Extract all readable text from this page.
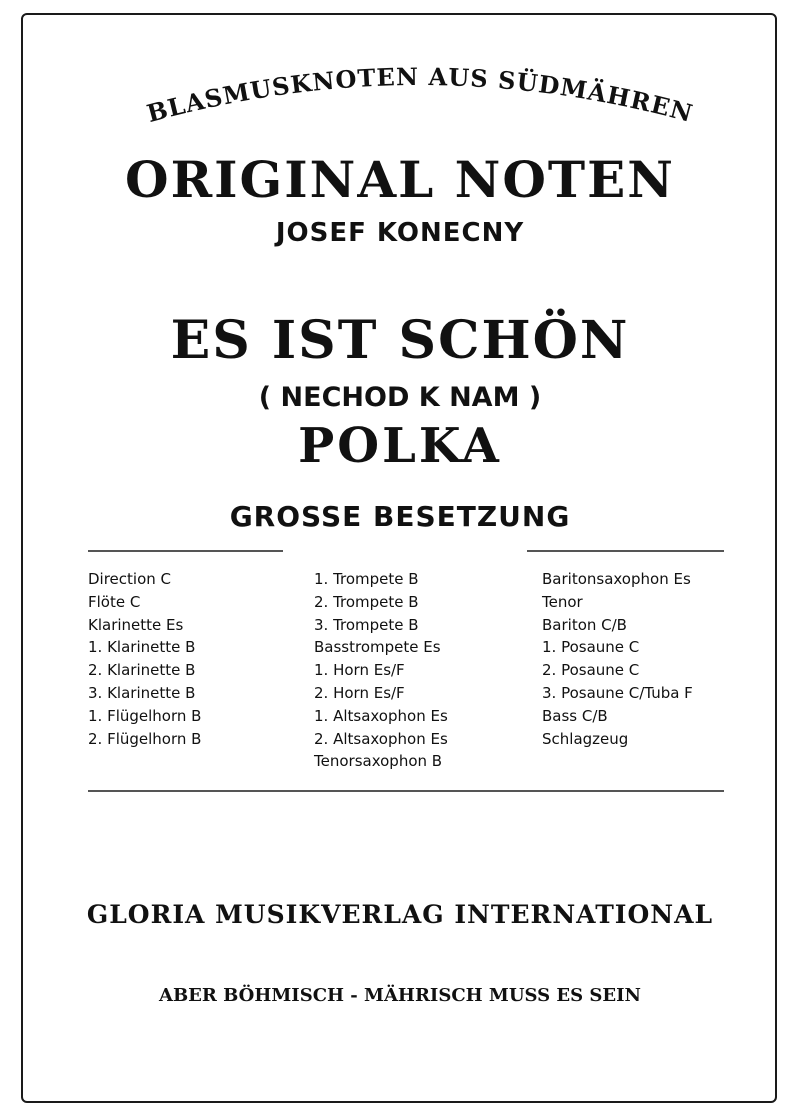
BLASMUSKNOTEN AUS SÜDMÄHREN
ORIGINAL NOTEN
JOSEF KONECNY
ES IST SCHÖN
( NECHOD K NAM )
POLKA
GROSSE BESETZUNG
Direction C
Flöte C
Klarinette Es
1. Klarinette B
2. Klarinette B
3. Klarinette B
1. Flügelhorn B
2. Flügelhorn B
1. Trompete B
2. Trompete B
3. Trompete B
Basstrompete Es
1. Horn Es/F
2. Horn Es/F
1. Altsaxophon Es
2. Altsaxophon Es
Tenorsaxophon B
Baritonsaxophon Es
Tenor
Bariton C/B
1. Posaune C
2. Posaune C
3. Posaune C/Tuba F
Bass C/B
Schlagzeug
GLORIA MUSIKVERLAG INTERNATIONAL
ABER BÖHMISCH - MÄHRISCH MUSS ES SEIN
